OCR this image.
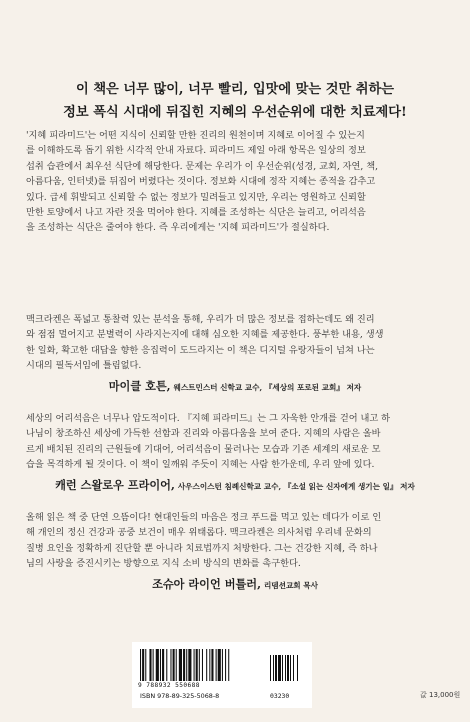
이 책은 너무 많이, 너무 빨리, 입맛에 맞는 것만 취하는
정보 폭식 시대에 뒤집힌 지혜의 우선순위에 대한 치료제다!
'지혜 피라미드'는 어떤 지식이 신뢰할 만한 진리의 원천이며 지혜로 이어질 수 있는지
를 이해하도록 돕기 위한 시각적 안내 자료다. 피라미드 제일 아래 항목은 일상의 정보
섭취 습관에서 최우선 식단에 해당한다. 문제는 우리가 이 우선순위(성경, 교회, 자연, 책,
아름다움, 인터넷)를 뒤집어 버렸다는 것이다. 정보화 시대에 정작 지혜는 종적을 감추고
있다. 급세 휘발되고 신뢰할 수 없는 정보가 밀려들고 있지만, 우리는 영원하고 신뢰할
만한 토양에서 나고 자란 것을 먹어야 한다. 지혜를 조성하는 식단은 늘리고, 어리석음
을 조성하는 식단은 줄여야 한다. 즉 우리에게는 '지혜 피라미드'가 절실하다.
맥크라켄은 폭넓고 통찰력 있는 분석을 통해, 우리가 더 많은 정보를 접하는데도 왜 진리
와 점점 멀어지고 분별력이 사라지는지에 대해 심오한 지혜를 제공한다. 풍부한 내용, 생생
한 일화, 확고한 대답을 향한 응집력이 도드라지는 이 책은 디지털 유랑자들이 넘쳐 나는
시대의 필독서임에 틀림없다.
마이클 호튼, 웨스트민스터 신학교 교수, 『세상의 포로된 교회』 저자
세상의 어리석음은 너무나 압도적이다. 『지혜 피라미드』는 그 자욱한 안개를 걷어 내고 하
나님이 창조하신 세상에 가득한 선함과 진리와 아름다움을 보여 준다. 지혜의 사람은 올바
르게 배치된 진리의 근원들에 기대어, 어리석음이 물러나는 모습과 기존 세계의 새로운 모
습을 목격하게 될 것이다. 이 책이 일깨워 주듯이 지혜는 사람 한가운데, 우리 앞에 있다.
캐런 스왈로우 프라이어, 사우스이스턴 침례신학교 교수, 『소설 읽는 신자에게 생기는 일』 저자
올해 읽은 책 중 단연 으뜸이다! 현대인들의 마음은 정크 푸드를 먹고 있는 데다가 이로 인
해 개인의 정신 건강과 공중 보건이 매우 위태롭다. 맥크라켄은 의사처럼 우리네 문화의
질병 요인을 정확하게 진단할 뿐 아니라 치료법까지 처방한다. 그는 건강한 지혜, 즉 하나
님의 사랑을 증진시키는 방향으로 지식 소비 방식의 변화를 촉구한다.
조슈아 라이언 버틀러, 리뎀션교회 목사
9 788932 550688
ISBN 978-89-325-5068-8	03230	값 13,000원
